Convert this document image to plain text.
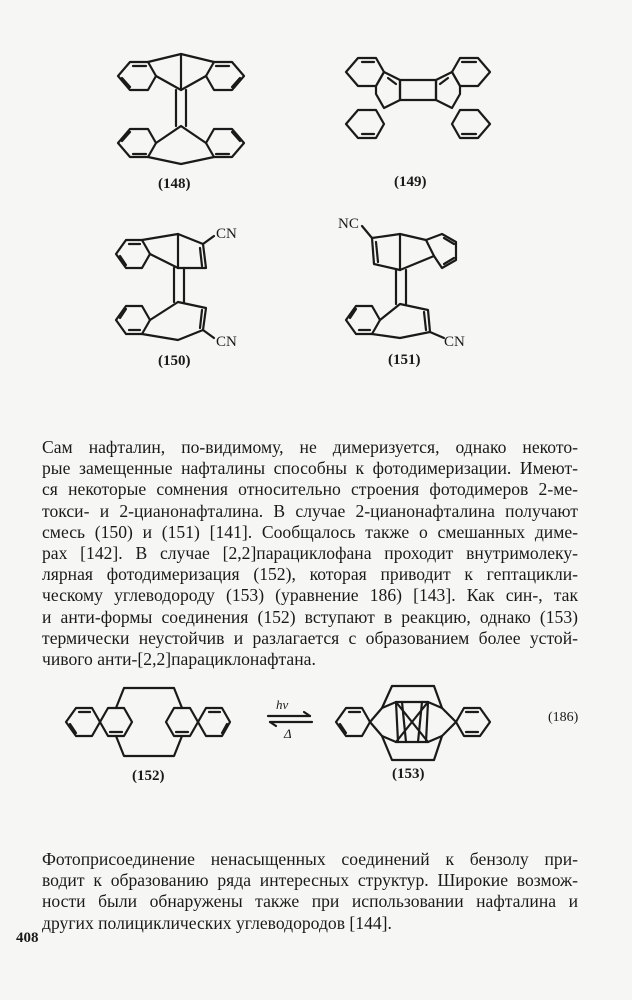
(148)	(149)
CN
CN
(150)
NC
CN
(151)
Сам нафталин, по-видимому, не димеризуется, однако некото-
рые замещенные нафталины способны к фотодимеризации. Имеют-
ся некоторые сомнения относительно строения фотодимеров 2-ме-
токси- и 2-цианонафталина. В случае 2-цианонафталина получают
смесь (150) и (151) [141]. Сообщалось также о смешанных диме-
рах [142]. В случае [2,2]парациклофана проходит внутримолеку-
лярная фотодимеризация (152), которая приводит к гептацикли-
ческому углеводороду (153) (уравнение 186) [143]. Как син-, так
и анти-формы соединения (152) вступают в реакцию, однако (153)
термически неустойчив и разлагается с образованием более устой-
чивого анти-[2,2]парациклонафтана.
(152)
hν
Δ
(153)
(186)
Фотоприсоединение ненасыщенных соединений к бензолу при-
водит к образованию ряда интересных структур. Широкие возмож-
ности были обнаружены также при использовании нафталина и
других полициклических углеводородов [144].
408
